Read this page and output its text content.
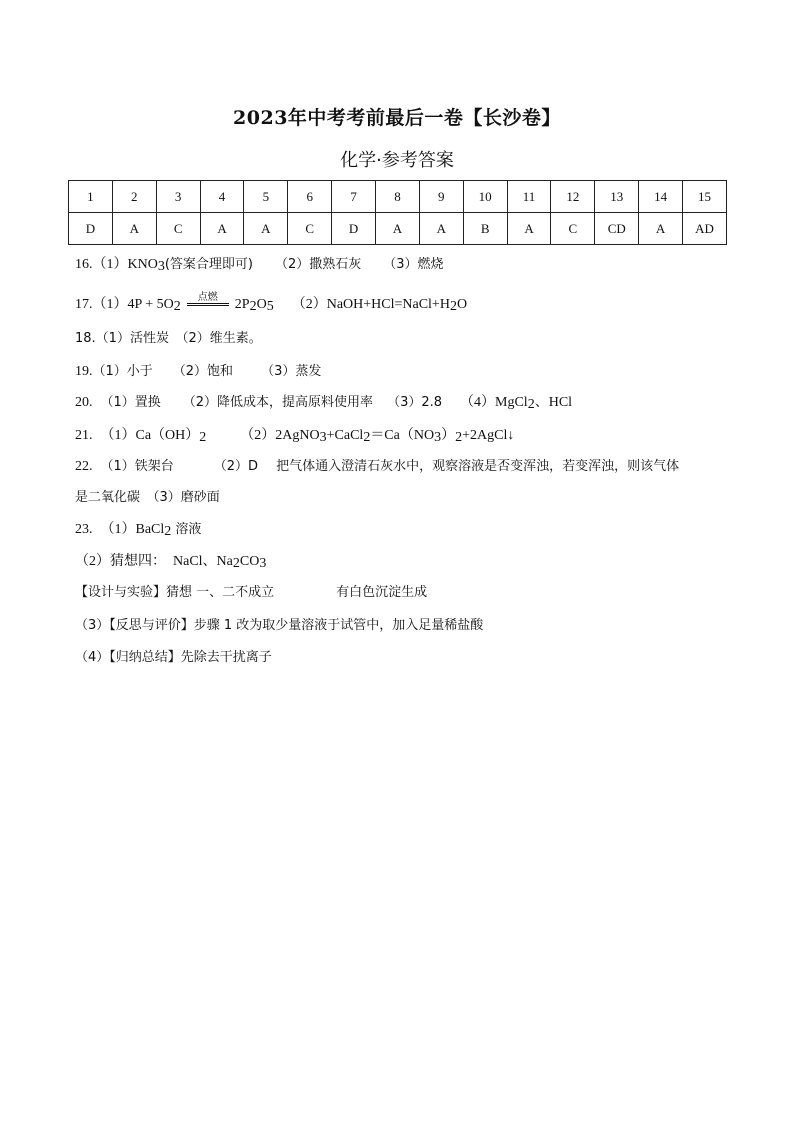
2023年中考考前最后一卷【长沙卷】
化学·参考答案
1	2	3	4	5	6	7	8	9	10	11	12	13	14	15
D	A	C	A	A	C	D	A	A	B	A	C	CD	A	AD
$16.(1)KNO_3$(答案合理即可) （2）撒熟石灰 （3）燃烧
$17.(1)4P + 5O_2$
点燃	$2P_2O_5$ $(2)NaOH+HCl=NaCl+H_2O$
18.（1）活性炭　（2）维生素。
19.（1）小于 （2）饱和 （3）蒸发
20. （1）置换 （2）降低成本，提高原料使用率 （3）2.8 （4）MgCl$_2$、HCl
21. $(1)Ca(OH)_2$ $(2)2AgNO_3+CaCl_2=Ca(NO_3)_2+2AgCl↓$
22. （1）铁架台	（2）D 把气体通入澄清石灰水中，观察溶液是否变浑浊，若变浑浊，则该气体
是二氧化碳　（3）磨砂面
23. （1）BaCl$_2$ 溶液
（2）猜想四：　NaCl、$Na_2CO_3$
【设计与实验】猜想 一、二不成立	有白色沉淀生成
（3）【反思与评价】步骤 1 改为取少量溶液于试管中，加入足量稀盐酸
（4）【归纳总结】先除去干扰离子
